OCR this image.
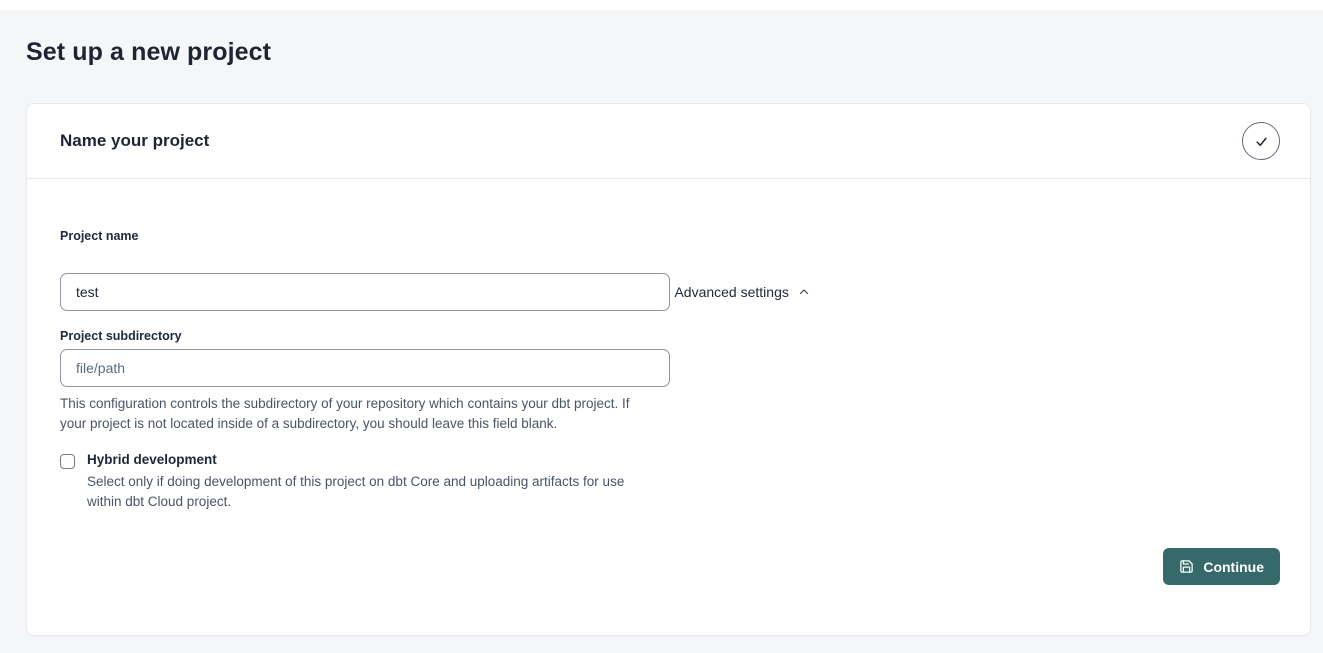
Set up a new project
Name your project
Project name
test
Advanced settings
Project subdirectory
file/path
This configuration controls the subdirectory of your repository which contains your dbt project. If your project is not located inside of a subdirectory, you should leave this field blank.
Hybrid development
Select only if doing development of this project on dbt Core and uploading artifacts for use within dbt Cloud project.
Continue
